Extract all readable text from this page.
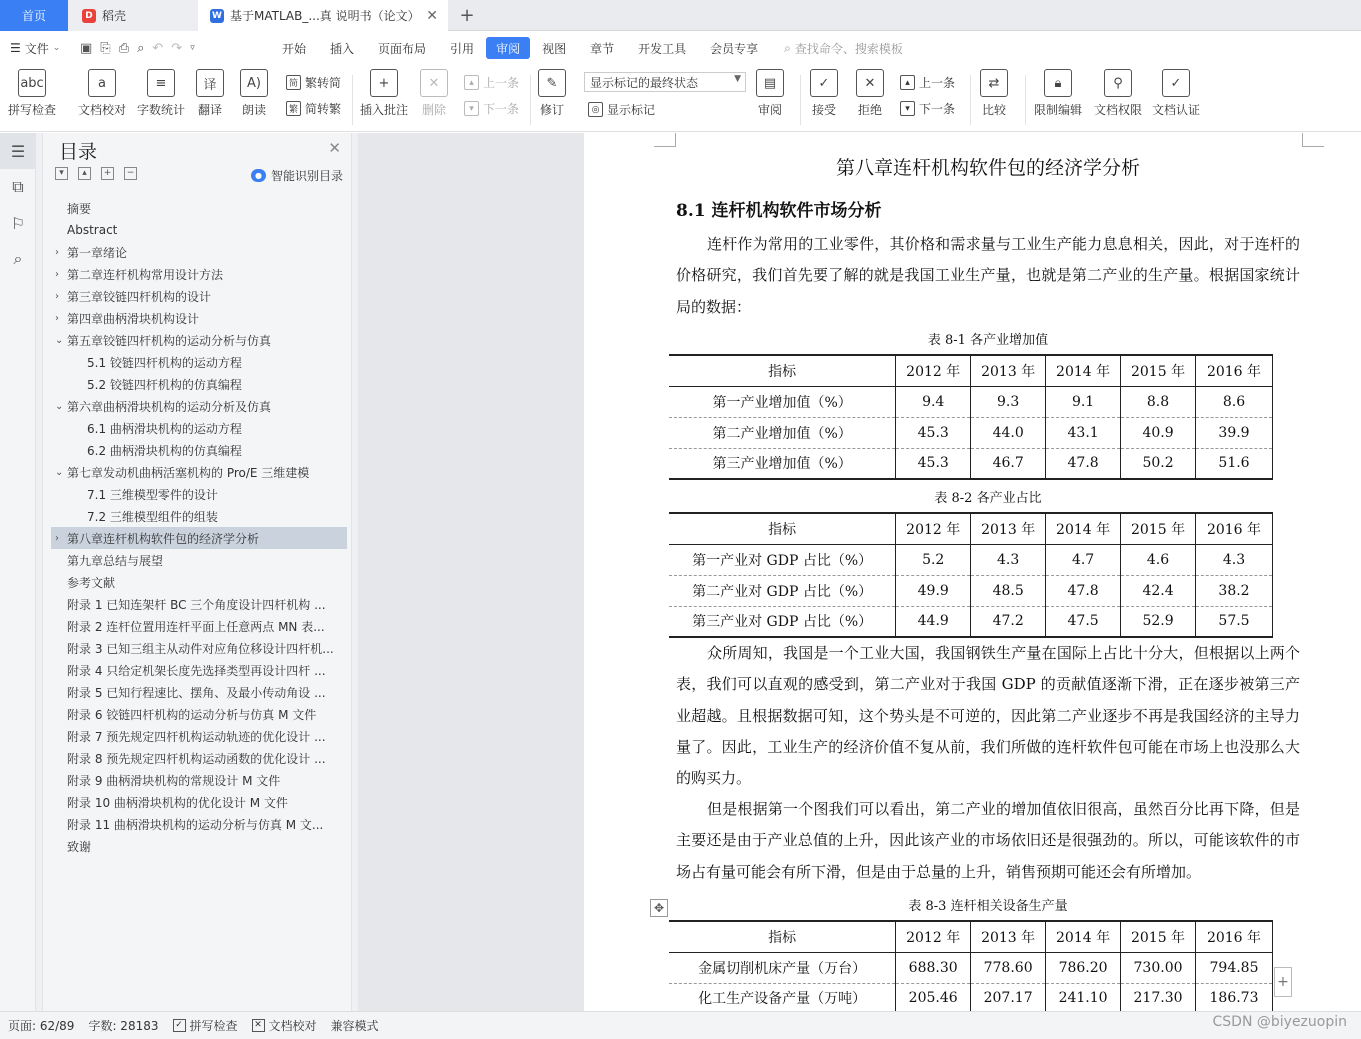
首页	D 稻壳	W 基于MATLAB_...真 说明书（论文） ✕ +
☰ 文件 ⌄ ▣ ⎘ ⎙ ⌕ ↶ ↷ ▿	开始	插入	页面布局	引用	审阅	视图	章节	开发工具	会员专享	⌕ 查找命令、搜索模板
abc
拼写检查
a
文档校对
≡
字数统计
译
翻译
A)
朗读
简 繁转简
繁 简转繁
+
插入批注
✕
删除
▴ 上一条
▾ 下一条
✎
修订	◎ 显示标记
▤
审阅
✓
接受
✕
拒绝
▴ 上一条
▾ 下一条
⇄
比较
🔒︎
限制编辑
⚲
文档权限
✓
文档认证
显示标记的最终状态	▼
☰
⧉
⚐
⌕
目录	✕
▾	▴	+	−	● 智能识别目录
摘要
Abstract
› 第一章绪论
› 第二章连杆机构常用设计方法
› 第三章铰链四杆机构的设计
› 第四章曲柄滑块机构设计
⌄ 第五章铰链四杆机构的运动分析与仿真
5.1 铰链四杆机构的运动方程
5.2 铰链四杆机构的仿真编程
⌄ 第六章曲柄滑块机构的运动分析及仿真
6.1 曲柄滑块机构的运动方程
6.2 曲柄滑块机构的仿真编程
⌄ 第七章发动机曲柄活塞机构的 Pro/E 三维建模
7.1 三维模型零件的设计
7.2 三维模型组件的组装
› 第八章连杆机构软件包的经济学分析
第九章总结与展望
参考文献
附录 1 已知连架杆 BC 三个角度设计四杆机构 ...
附录 2 连杆位置用连杆平面上任意两点 MN 表...
附录 3 已知三组主从动件对应角位移设计四杆机...
附录 4 只给定机架长度先选择类型再设计四杆 ...
附录 5 已知行程速比、摆角、及最小传动角设 ...
附录 6 铰链四杆机构的运动分析与仿真 M 文件
附录 7 预先规定四杆机构运动轨迹的优化设计 ...
附录 8 预先规定四杆机构运动函数的优化设计 ...
附录 9 曲柄滑块机构的常规设计 M 文件
附录 10 曲柄滑块机构的优化设计 M 文件
附录 11 曲柄滑块机构的运动分析与仿真 M 文...
致谢
第八章连杆机构软件包的经济学分析
8.1 连杆机构软件市场分析
连杆作为常用的工业零件，其价格和需求量与工业生产能力息息相关，因此，对于连杆的价格研究，我们首先要了解的就是我国工业生产量，也就是第二产业的生产量。根据国家统计局的数据：
表 8-1 各产业增加值
指标	2012 年	2013 年	2014 年	2015 年	2016 年
第一产业增加值（%）	9.4	9.3	9.1	8.8	8.6
第二产业增加值（%）	45.3	44.0	43.1	40.9	39.9
第三产业增加值（%）	45.3	46.7	47.8	50.2	51.6
表 8-2 各产业占比
指标	2012 年	2013 年	2014 年	2015 年	2016 年
第一产业对 GDP 占比（%）	5.2	4.3	4.7	4.6	4.3
第二产业对 GDP 占比（%）	49.9	48.5	47.8	42.4	38.2
第三产业对 GDP 占比（%）	44.9	47.2	47.5	52.9	57.5
众所周知，我国是一个工业大国，我国钢铁生产量在国际上占比十分大，但根据以上两个表，我们可以直观的感受到，第二产业对于我国 GDP 的贡献值逐渐下滑，正在逐步被第三产业超越。且根据数据可知，这个势头是不可逆的，因此第二产业逐步不再是我国经济的主导力量了。因此，工业生产的经济价值不复从前，我们所做的连杆软件包可能在市场上也没那么大的购买力。
但是根据第一个图我们可以看出，第二产业的增加值依旧很高，虽然百分比再下降，但是主要还是由于产业总值的上升，因此该产业的市场依旧还是很强劲的。所以，可能该软件的市场占有量可能会有所下滑，但是由于总量的上升，销售预期可能还会有所增加。
表 8-3 连杆相关设备生产量
指标	2012 年	2013 年	2014 年	2015 年	2016 年
金属切削机床产量（万台）	688.30	778.60	786.20	730.00	794.85
化工生产设备产量（万吨）	205.46	207.17	241.10	217.30	186.73
✥
+
页面: 62/89 字数: 28183	✓ 拼写检查	✕ 文档校对 兼容模式	CSDN @biyezuopin
